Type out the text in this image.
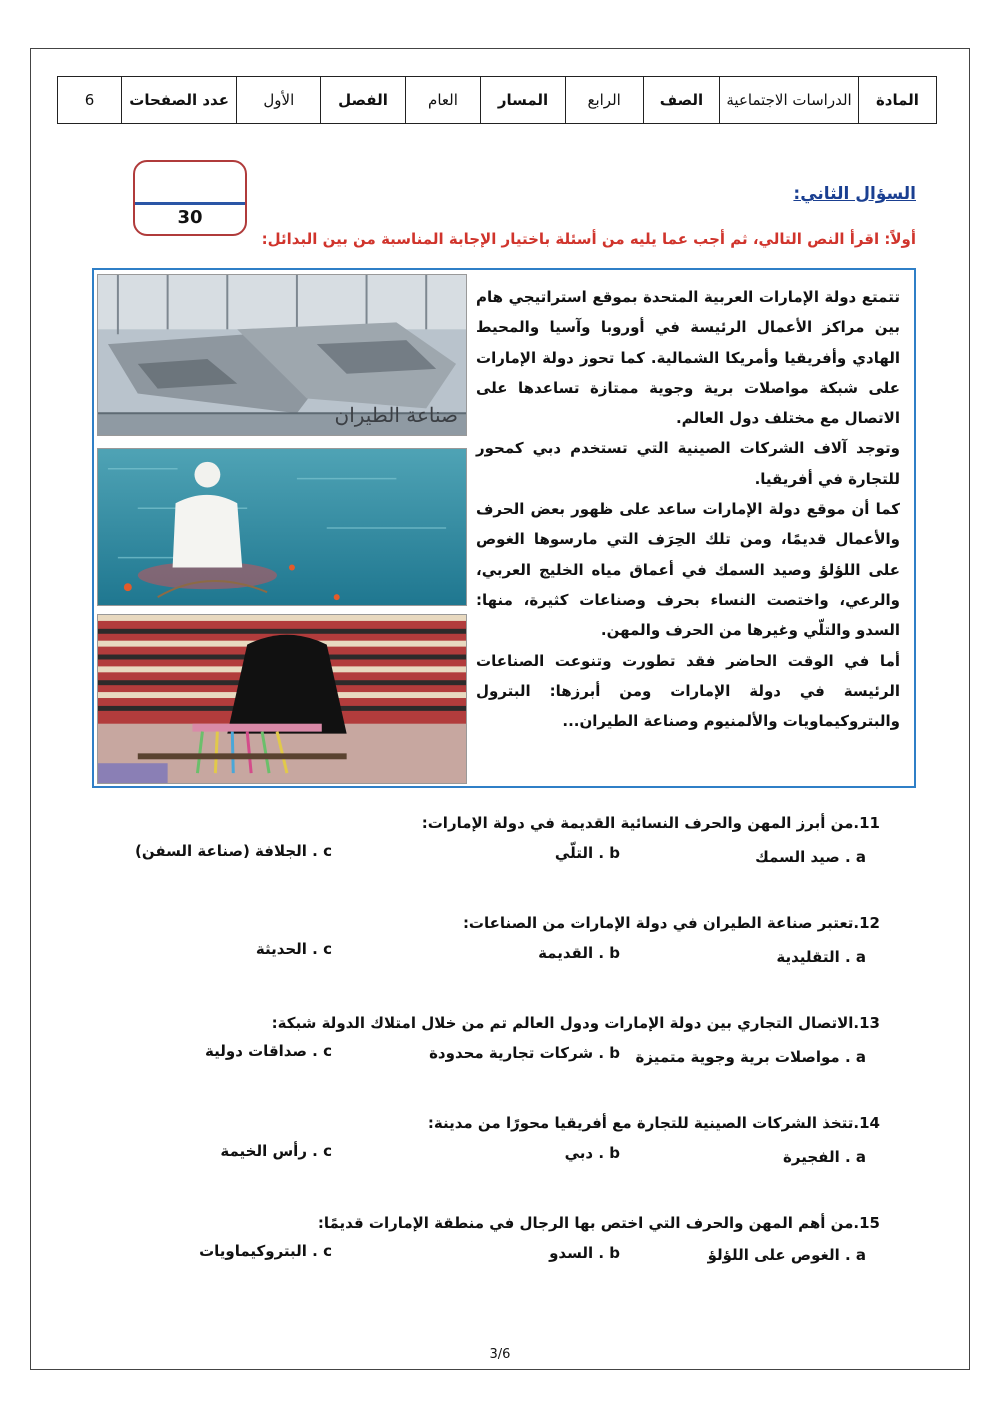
المادة	الدراسات الاجتماعية	الصف	الرابع	المسار	العام	الفصل	الأول	عدد الصفحات	6
30
السؤال الثاني:
أولاً: اقرأ النص التالي، ثم أجب عما يليه من أسئلة باختيار الإجابة المناسبة من بين البدائل:
صناعة الطيران

تتمتع دولة الإمارات العربية المتحدة بموقع استراتيجي هام بين مراكز الأعمال الرئيسة في أوروبا وآسيا والمحيط الهادي وأفريقيا وأمريكا الشمالية. كما تحوز دولة الإمارات على شبكة مواصلات برية وجوية ممتازة تساعدها على الاتصال مع مختلف دول العالم.

وتوجد آلاف الشركات الصينية التي تستخدم دبي كمحور للتجارة في أفريقيا.

كما أن موقع دولة الإمارات ساعد على ظهور بعض الحرف والأعمال قديمًا، ومن تلك الحِرَف التي مارسوها الغوص على اللؤلؤ وصيد السمك في أعماق مياه الخليج العربي، والرعي، واختصت النساء بحرف وصناعات كثيرة، منها: السدو والتلّي وغيرها من الحرف والمهن.

أما في الوقت الحاضر فقد تطورت وتنوعت الصناعات الرئيسة في دولة الإمارات ومن أبرزها: البترول والبتروكيماويات والألمنيوم وصناعة الطيران...

11.من أبرز المهن والحرف النسائية القديمة في دولة الإمارات:
a . صيد السمك
b . التلّي
c . الجلافة (صناعة السفن)
12.تعتبر صناعة الطيران في دولة الإمارات من الصناعات:
a . التقليدية
b . القديمة
c . الحديثة
13.الاتصال التجاري بين دولة الإمارات ودول العالم تم من خلال امتلاك الدولة شبكة:
a . مواصلات برية وجوية متميزة
b . شركات تجارية محدودة
c . صداقات دولية
14.تتخذ الشركات الصينية للتجارة مع أفريقيا محورًا من مدينة:
a . الفجيرة
b . دبي
c . رأس الخيمة
15.من أهم المهن والحرف التي اختص بها الرجال في منطقة الإمارات قديمًا:
a . الغوص على اللؤلؤ
b . السدو
c . البتروكيماويات
3/6
